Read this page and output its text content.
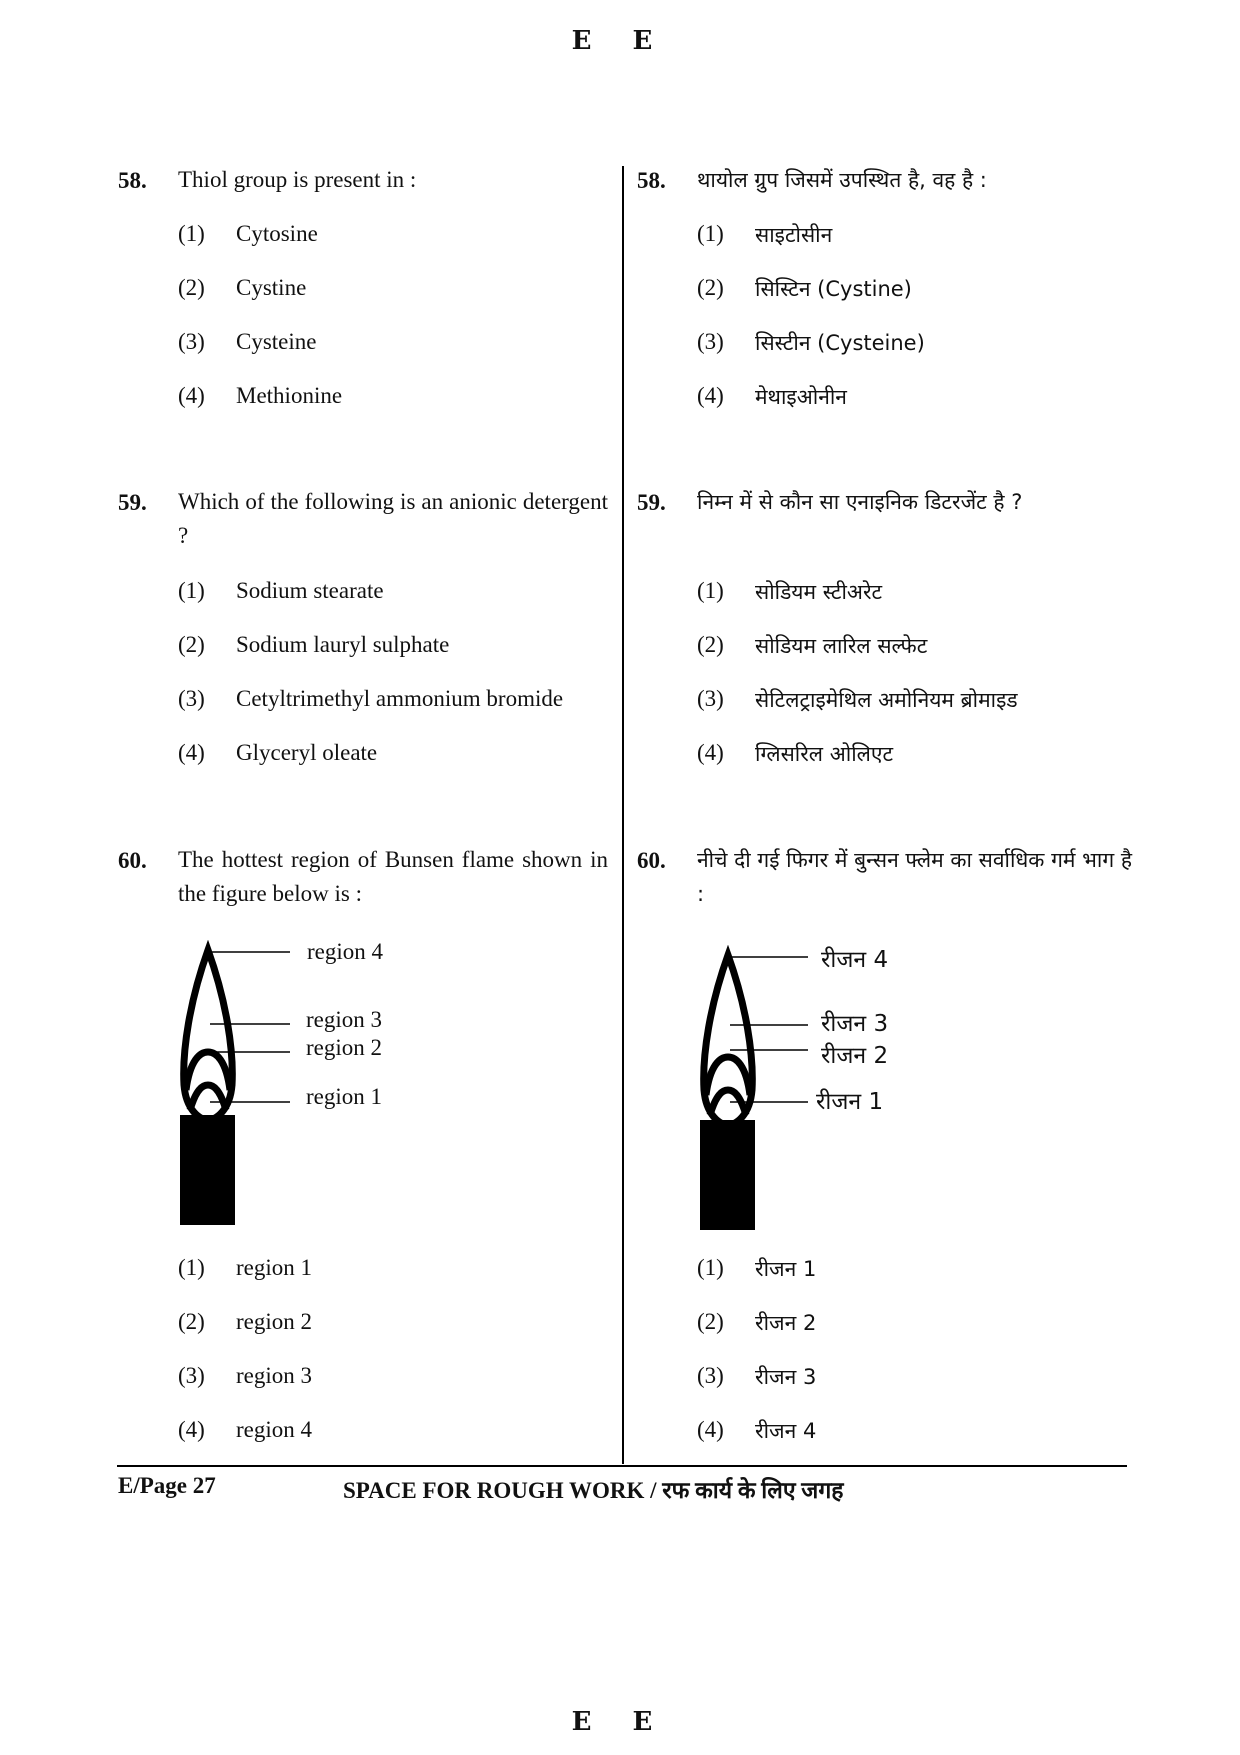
E E
58. Thiol group is present in :
(1) Cytosine
(2) Cystine
(3) Cysteine
(4) Methionine
59. Which of the following is an anionic detergent ?
(1) Sodium stearate
(2) Sodium lauryl sulphate
(3) Cetyltrimethyl ammonium bromide
(4) Glyceryl oleate
60. The hottest region of Bunsen flame shown in the figure below is :
region 4
region 3
region 2
region 1
(1) region 1
(2) region 2
(3) region 3
(4) region 4
58. थायोल ग्रुप जिसमें उपस्थित है, वह है :
(1) साइटोसीन
(2) सिस्टिन (Cystine)
(3) सिस्टीन (Cysteine)
(4) मेथाइओनीन
59. निम्न में से कौन सा एनाइनिक डिटरजेंट है ?
(1) सोडियम स्टीअरेट
(2) सोडियम लारिल सल्फेट
(3) सेटिलट्राइमेथिल अमोनियम ब्रोमाइड
(4) ग्लिसरिल ओलिएट
60. नीचे दी गई फिगर में बुन्सन फ्लेम का सर्वाधिक गर्म भाग है :
रीजन 4
रीजन 3
रीजन 2
रीजन 1
(1) रीजन 1
(2) रीजन 2
(3) रीजन 3
(4) रीजन 4
E/Page 27	SPACE FOR ROUGH WORK / रफ कार्य के लिए जगह
E E
